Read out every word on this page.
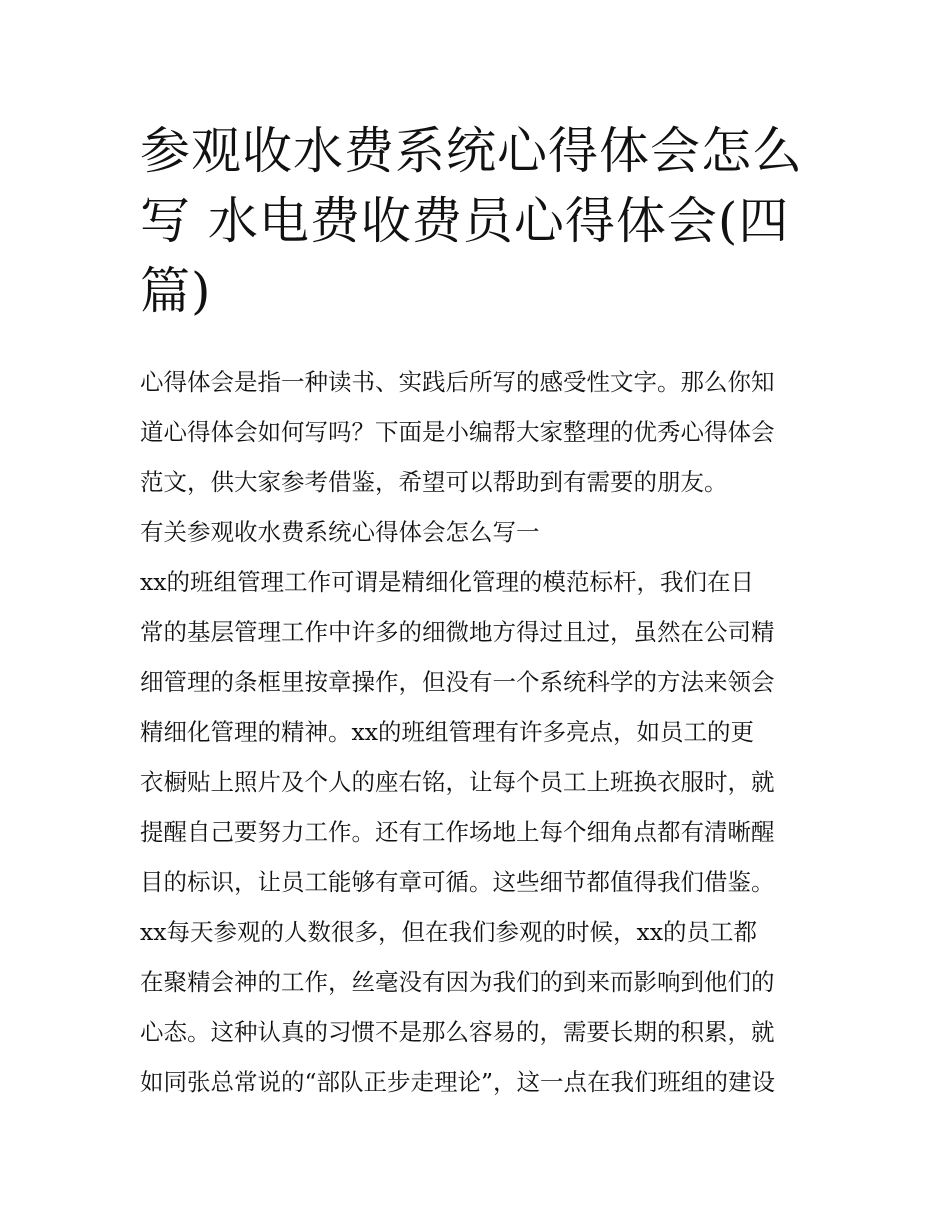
参观收水费系统心得体会怎么
写 水电费收费员心得体会(四
篇)
心得体会是指一种读书、实践后所写的感受性文字。那么你知
道心得体会如何写吗？下面是小编帮大家整理的优秀心得体会
范文，供大家参考借鉴，希望可以帮助到有需要的朋友。
有关参观收水费系统心得体会怎么写一
xx的班组管理工作可谓是精细化管理的模范标杆，我们在日
常的基层管理工作中许多的细微地方得过且过，虽然在公司精
细管理的条框里按章操作，但没有一个系统科学的方法来领会
精细化管理的精神。xx的班组管理有许多亮点，如员工的更
衣橱贴上照片及个人的座右铭，让每个员工上班换衣服时，就
提醒自己要努力工作。还有工作场地上每个细角点都有清晰醒
目的标识，让员工能够有章可循。这些细节都值得我们借鉴。
xx每天参观的人数很多，但在我们参观的时候，xx的员工都
在聚精会神的工作，丝毫没有因为我们的到来而影响到他们的
心态。这种认真的习惯不是那么容易的，需要长期的积累，就
如同张总常说的“部队正步走理论”，这一点在我们班组的建设
